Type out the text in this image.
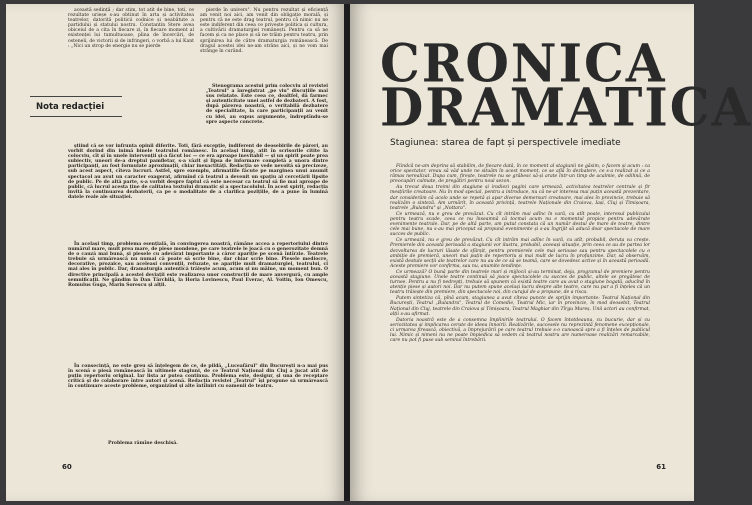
aceastâ sedință ; dar stim, tot atit de bine, toti, ce rezultate urieșe s-au obtinut în arta și activitatea teatrelor, datorită politicii codnice și neabătute a partidului și statului nostru. Constantin Stere avea obiceiul de a cita în fiecare zi, în fiecare moment al existenței lui tumultuoase, plina de încercări, de osteneli, de victorii și de infringeri, o vorbă a lui Kant : „Nici un strop de energie nu se pierde

pierde în univers". Nu pentru rezultat și eficiență am venit noi aici, am venit din obligație morală, și pentru că ne este drag teatrul, pentru că nimic nu ne este indiferent din ceea ce privește politica și cultura, a cultivării dramaturgiei românești. Pentru ca să ne facem și ca ne place și să ne trăim pentru teatru, prin sprijinirea lui de către dramaturgia românească. De dragul acestei idei ne-am strâns aici, și ne vom mai strânge în curând.

Nota redacției

Stenograma acestui prim colocviu al revistei „Teatrul" a înregistrat „pe viu" discuțiile mai sus relatate. Este ceea ce, dealtfel, dă farmec și autenticitate unei astfel de dezbateri. A fost, după părerea noastră, o veritabilă dezbatere de specialitate, la care participanții au venit cu idei, au expus argumente, îndreptîndu-se spre aspecte concrete.

știind că se vor infrunta opinii diferite. Toti, fără excepție, indiferent de deosebirile de păreri, au vorbit dorind din inimă binele teatrului românesc. În același timp, atit în scrisorile citite la colocviu, cît și în unele intervenții și-a făcut loc — ce era aproape inevitabil — și un spirit poate prea subiectiv, uneori de-a dreptul pamfletar, s-a văzit și lipsa de informare completă a unora dintre participanți, au fost formulate aproximații, chiar inexactități. Redacția se vede nevoită să precizeze, sub acest aspect, cîteva lucruri. Astfel, spre exemplu, afirmatiile făcute pe marginea unui anumit spectacol au avut un caracter exagerat, afirmînd că teatrul a devenit un spațiu al cercetării lipsite de public. Pe de altă parte, s-a vorbit despre faptul că este necesar ca teatrul să fie mai aproape de public, că lucrul acesta ține de calitatea textului dramatic și a spectacolului. În acest spirit, redacția invită la continuarea dezbaterii, ca pe o modalitate de a clarifica pozițiile, de a pune în lumină datele reale ale situației.

În același timp, problema esențială, în convingerea noastră, rămâne accea a repertoriului dintre numărul mare, mult prea mare, de piese mondene, pe care teatrele le joacă cu o generozitate demnă de o cauză mai bună, și piesele cu adevărat importante a căror apariție pe scenă întîrzie. Teatrele trebuie să urmărească nu numai că poate să scrie bine, dar chiar scrie bine. Piesele mediocre, decorative, prozaice, sau aceleasi convenții, refuzate, se apariție mult dramaturgiei, teatrului, ci mai ales în public. Dar, dramaturgia autentică trăiește acum, acum și nu mâine, un moment bun. O directive principală a acestei deviații este realizarea unor construcții de mare anvergură, cu ample semnificații. Ne gândim la Dan Tărchilă, la Horia Lovinescu, Paul Everac, Al. Voitin, Ion Omescu, Romulus Guga, Marin Sorescu și alții.

În consecință, ne este greu să înțelegem de ce, de pildă, „Luceafărul" din București n-a mai pus în scenă o piesă românească în ultimele stagiuni, de ce Teatrul Național din Cluj a jucat atît de puțin repertoriu original. Iar lista ar putea continua. Problema este, desigur, și una de receptare critică și de colaborare între autori și scenă. Redacția revistei „Teatrul" își propune să urmărească în continuare aceste probleme, organizînd și alte întîlniri cu oamenii de teatru.

Problema rămîne deschisă.

60
CRONICA
DRAMATICA
Stagiunea: starea de fapt și perspectivele imediate

Fiindcă ne-am deprins să stabilim, de fiecare dată, în ce moment al stagiunii ne găsim, o facem și acum : ca orice spectator, vreau să văd unde ne situăm în acest moment, ce se află în dezbatere, ce s-a realizat și ce a rămas nerealizat. Dupa cum, firește, teatrele nu se grăbesc să-și arate într-un timp de acalmie, de odihnă, de preocupări calmate, de pregătiri pentru noul sezon.

Au trecut doua treimi din stagiune și iradiezi pagini care urmează, activitatea teatrelor centrale și fir mesțiirile creatoare. Nu în mod special, pentru a introduce, nu că ne-ar interesa mai puțin această prezentare, dar considerăm că acolo unde se repetă și apar diverse demersuri creatoare, mai ales în provincie, trebuie să realizăm o sinteză. Am urmărit, în această privință, teatrele Naționale din Craiova, Iași, Cluj și Timișoara, teatrele „Bulandra" și „Nottara".

Ce urmează, nu e greu de prevăzut. Cu cît intrăm mai adînc în vară, cu atît poate, interesul publicului pentru teatru scade, ceea ce nu înseamnă că tocmai acum nu e momentul propice pentru adevărate evenimente teatrale. Dar, pe de altă parte, am putut constata că un număr destul de mare de teatre, dintre cele mai bune, nu s-au mai priceput să propună evenimente și s-au îngrijit să aducă doar spectacole de mare succes de public.

Ce urmează, nu e greu de prevăzut. Cu cît intrăm mai adînc în vară, cu atît, probabil, deruta va crește. Premierele din această perioadă a stagiunii vor ilustra, probabil, aceeași situație, prin ceea ce au de partea lor dezvoltarea de lucruri lăsate de sfârșit, pentru premierele cele mai serioase sau pentru spectacolele cu o ambiție de premieră, uneori mai puțin de repertoriu și mai mult de lucru în profunzime. Dar, să observăm, există destule secții ale teatrelor care nu au de ce să se teamă, care se dovedesc active și în această perioadă. Aceste premiere vor confirma, sau nu, anumite tendințe.

Ce urmează? O bună parte din teatrele mari și mijlocii și-au terminat, deja, programul de premiere pentru această stagiune. Unele teatre continuă să joace spectacolele cu succes de public, altele se pregătesc de turnee. Pentru a nu fi nedrepți, trebuie să spunem că există teatre care au avut o stagiune bogată, aducînd în atenție piese și autori noi. Dar nu putem spune același lucru despre alte teatre, care nu par a fi înțeles că un teatru trăiește din premiere, din spectacole noi, din curajul de a propune, de a risca.

Putem sintetiza că, pînă acum, stagiunea a avut cîteva puncte de sprijin importante: Teatrul Național din București, Teatrul „Bulandra", Teatrul de Comedie, Teatrul Mic, iar în provincie, în mod deosebit, Teatrul Național din Cluj, teatrele din Craiova și Timișoara, Teatrul Maghiar din Tîrgu Mureș. Unii actori au confirmat, alții s-au afirmat.

Datoria noastră este de a consemna împlinirile teatrului. O facem întotdeauna, cu bucurie, dar și cu seriozitatea și implicarea cerute de ideea înnoirii. Realizările, succesele nu reprezintă fenomene excepționale, ci urmarea firească, obiectivă, a împrejurării pe care teatrul trebuie s-o cunoască spre a fi înțeles de publicul lui. Nimic și nimeni nu ne poate împiedica să vedem că teatrul nostru are numeroase realizări remarcabile, care nu pot fi puse sub semnul întrebării.

61
